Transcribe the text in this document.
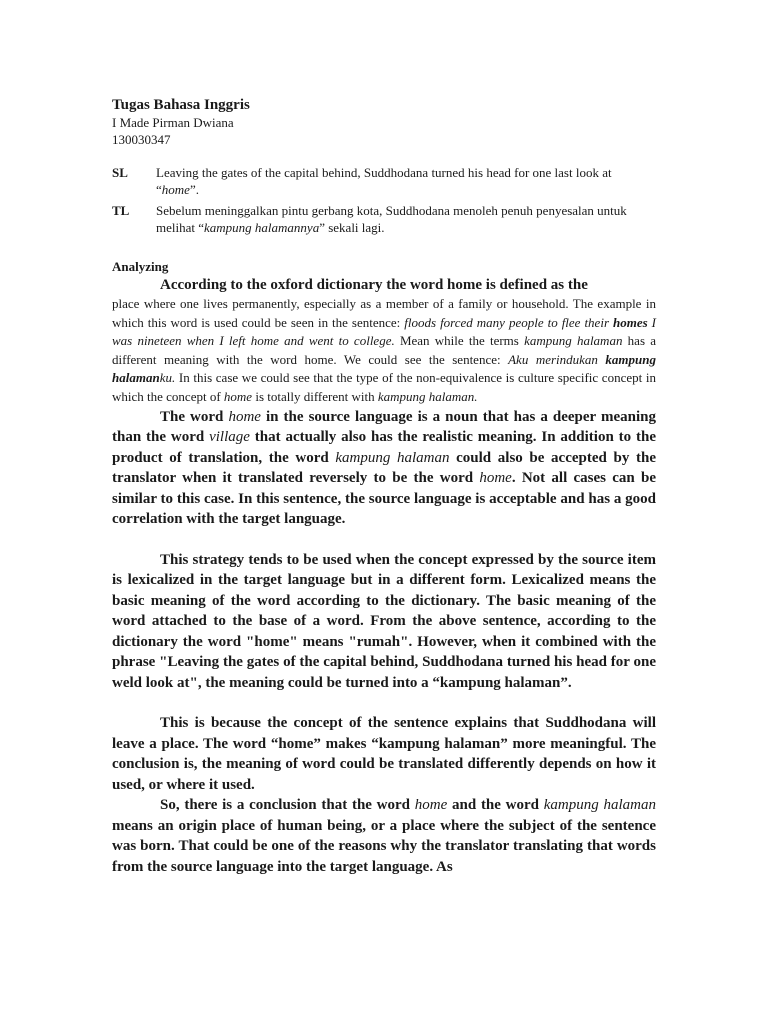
Tugas Bahasa Inggris

I Made Pirman Dwiana

130030347

SL	Leaving the gates of the capital behind, Suddhodana turned his head for one last look at “home”.
TL	Sebelum meninggalkan pintu gerbang kota, Suddhodana menoleh penuh penyesalan untuk melihat “kampung halamannya” sekali lagi.
Analyzing

According to the oxford dictionary the word home is defined as the
place where one lives permanently, especially as a member of a family or household. The example in which this word is used could be seen in the sentence: floods forced many people to flee their homes I was nineteen when I left home and went to college. Mean while the terms kampung halaman has a different meaning with the word home. We could see the sentence: Aku merindukan kampung halamanku. In this case we could see that the type of the non-equivalence is culture specific concept in which the concept of home is totally different with kampung halaman.

The word home in the source language is a noun that has a deeper meaning than the word village that actually also has the realistic meaning. In addition to the product of translation, the word kampung halaman could also be accepted by the translator when it translated reversely to be the word home. Not all cases can be similar to this case. In this sentence, the source language is acceptable and has a good correlation with the target language.

This strategy tends to be used when the concept expressed by the source item is lexicalized in the target language but in a different form. Lexicalized means the basic meaning of the word according to the dictionary. The basic meaning of the word attached to the base of a word. From the above sentence, according to the dictionary the word "home" means "rumah". However, when it combined with the phrase "Leaving the gates of the capital behind, Suddhodana turned his head for one weld look at", the meaning could be turned into a “kampung halaman”.

This is because the concept of the sentence explains that Suddhodana will leave a place. The word “home” makes “kampung halaman” more meaningful. The conclusion is, the meaning of word could be translated differently depends on how it used, or where it used.

So, there is a conclusion that the word home and the word kampung halaman means an origin place of human being, or a place where the subject of the sentence was born. That could be one of the reasons why the translator translating that words from the source language into the target language. As
